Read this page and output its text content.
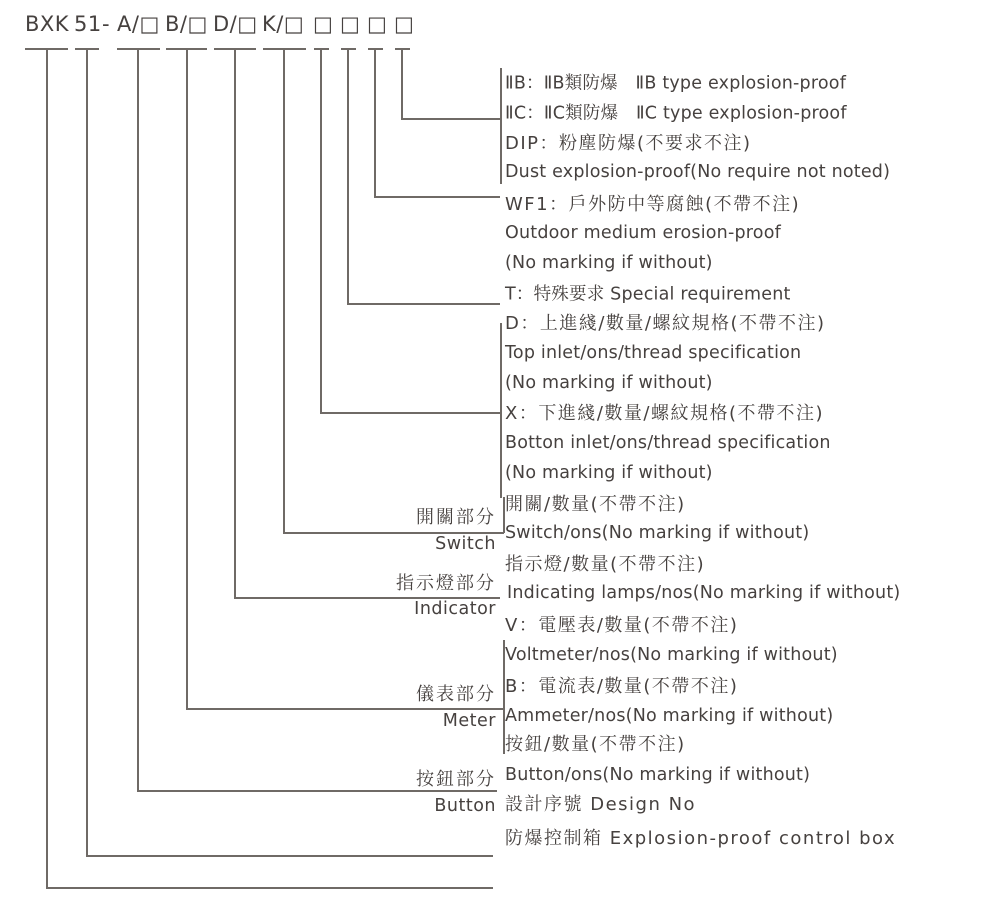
BXK 51 - A/□ B/□ D/□ K/□ □ □ □ □
ⅡB：ⅡB類防爆　ⅡB type explosion-proof
ⅡC：ⅡC類防爆　ⅡC type explosion-proof
DIP：粉塵防爆(不要求不注)
Dust explosion-proof(No require not noted)
WF1：戶外防中等腐蝕(不帶不注)
Outdoor medium erosion-proof
(No marking if without)
T：特殊要求 Special requirement
D：上進綫/數量/螺紋規格(不帶不注)
Top inlet/ons/thread specification
(No marking if without)
X：下進綫/數量/螺紋規格(不帶不注)
Botton inlet/ons/thread specification
(No marking if without)
開關/數量(不帶不注)
Switch/ons(No marking if without)
指示燈/數量(不帶不注)
Indicating lamps/nos(No marking if without)
V：電壓表/數量(不帶不注)
Voltmeter/nos(No marking if without)
B：電流表/數量(不帶不注)
Ammeter/nos(No marking if without)
按鈕/數量(不帶不注)
Button/ons(No marking if without)
設計序號 Design No
防爆控制箱 Explosion-proof control box
開關部分
Switch
指示燈部分
Indicator
儀表部分
Meter
按鈕部分
Button
